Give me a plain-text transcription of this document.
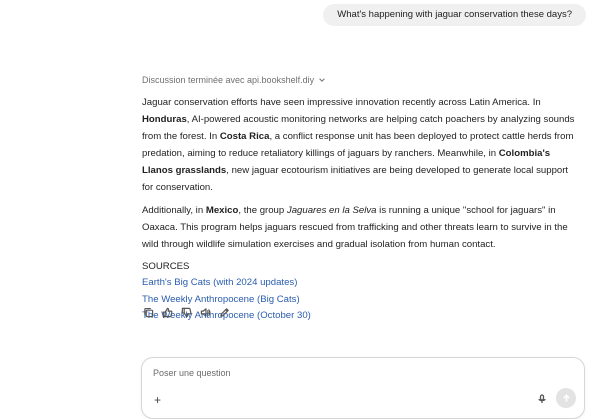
What's happening with jaguar conservation these days?
Discussion terminée avec api.bookshelf.diy

Jaguar conservation efforts have seen impressive innovation recently across Latin America. In Honduras, AI-powered acoustic monitoring networks are helping catch poachers by analyzing sounds from the forest. In Costa Rica, a conflict response unit has been deployed to protect cattle herds from predation, aiming to reduce retaliatory killings of jaguars by ranchers. Meanwhile, in Colombia's Llanos grasslands, new jaguar ecotourism initiatives are being developed to generate local support for conservation.

Additionally, in Mexico, the group Jaguares en la Selva is running a unique "school for jaguars" in Oaxaca. This program helps jaguars rescued from trafficking and other threats learn to survive in the wild through wildlife simulation exercises and gradual isolation from human contact.

SOURCES
Earth's Big Cats (with 2024 updates)
The Weekly Anthropocene (Big Cats)
The Weekly Anthropocene (October 30)
Poser une question
+
